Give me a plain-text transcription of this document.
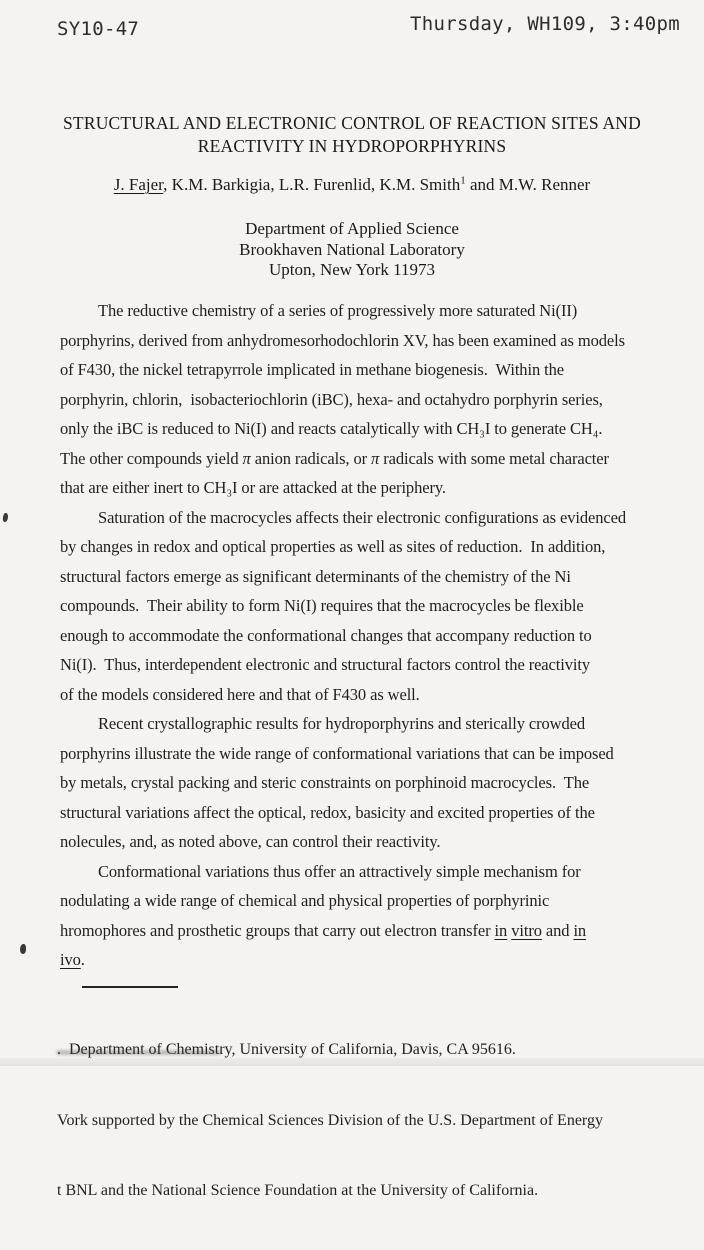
SY10-47	Thursday, WH109, 3:40pm
STRUCTURAL AND ELECTRONIC CONTROL OF REACTION SITES AND
REACTIVITY IN HYDROPORPHYRINS
J. Fajer, K.M. Barkigia, L.R. Furenlid, K.M. Smith$^1$ and M.W. Renner
Department of Applied Science
Brookhaven National Laboratory
Upton, New York 11973
The reductive chemistry of a series of progressively more saturated Ni(II)
porphyrins, derived from anhydromesorhodochlorin XV, has been examined as models
of F430, the nickel tetrapyrrole implicated in methane biogenesis.  Within the
porphyrin, chlorin,  isobacteriochlorin (iBC), hexa- and octahydro porphyrin series,
only the iBC is reduced to Ni(I) and reacts catalytically with CH₃I to generate CH₄.
The other compounds yield π anion radicals, or π radicals with some metal character
that are either inert to CH₃I or are attacked at the periphery.
Saturation of the macrocycles affects their electronic configurations as evidenced
by changes in redox and optical properties as well as sites of reduction.  In addition,
structural factors emerge as significant determinants of the chemistry of the Ni
compounds.  Their ability to form Ni(I) requires that the macrocycles be flexible
enough to accommodate the conformational changes that accompany reduction to
Ni(I).  Thus, interdependent electronic and structural factors control the reactivity
of the models considered here and that of F430 as well.
Recent crystallographic results for hydroporphyrins and sterically crowded
porphyrins illustrate the wide range of conformational variations that can be imposed
by metals, crystal packing and steric constraints on porphinoid macrocycles.  The
structural variations affect the optical, redox, basicity and excited properties of the
nolecules, and, as noted above, can control their reactivity.
Conformational variations thus offer an attractively simple mechanism for
nodulating a wide range of chemical and physical properties of porphyrinic
hromophores and prosthetic groups that carry out electron transfer in vitro and in
ivo.

.  Department of Chemistry, University of California, Davis, CA 95616.

Vork supported by the Chemical Sciences Division of the U.S. Department of Energy

t BNL and the National Science Foundation at the University of California.
